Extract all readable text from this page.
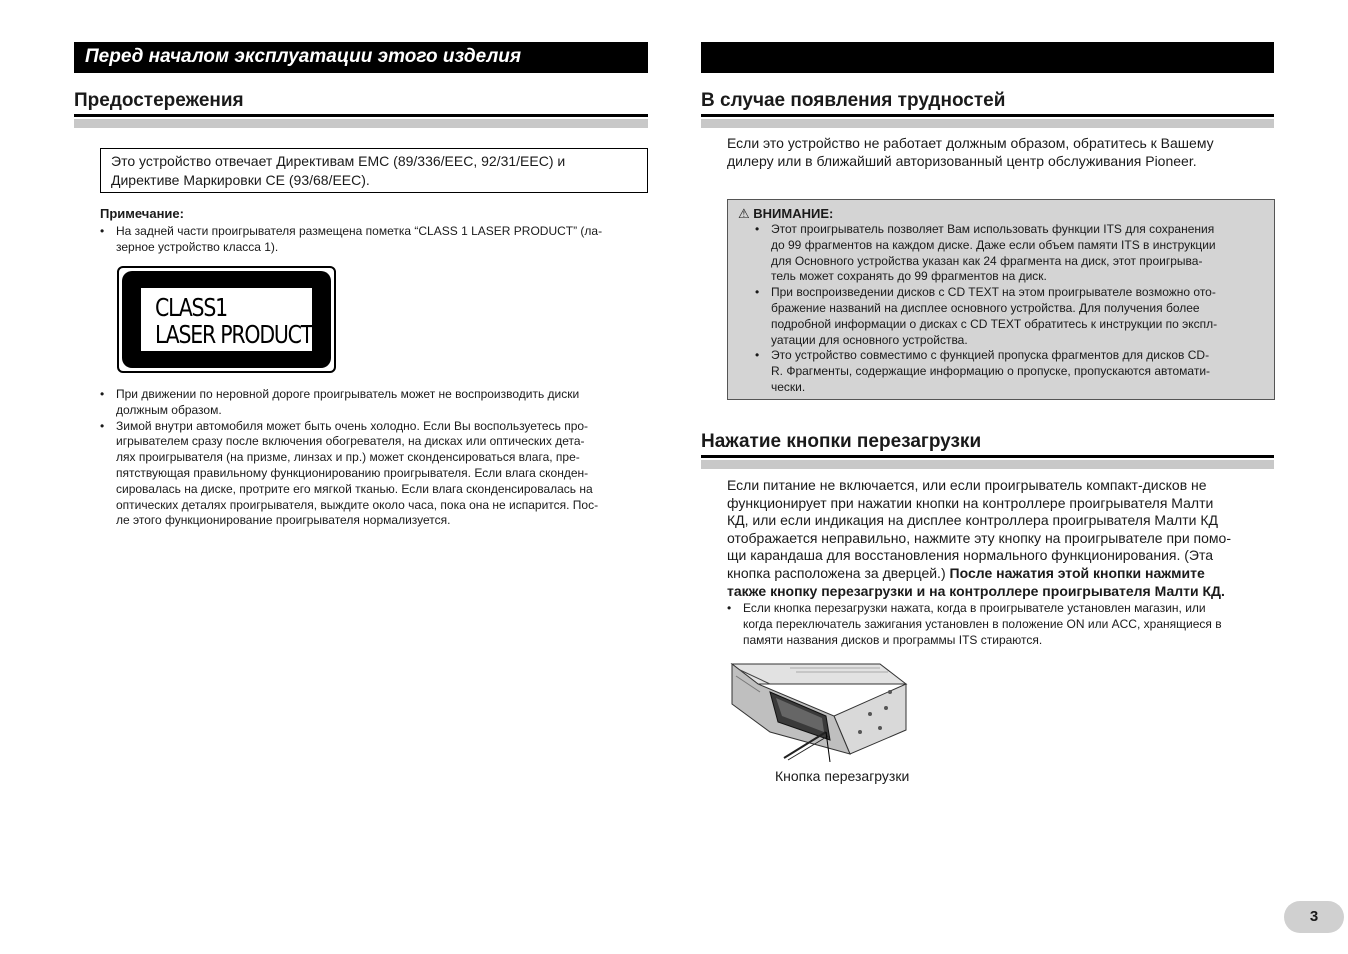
Перед началом эксплуатации этого изделия
Предостережения
Это устройство отвечает Директивам EMC (89/336/EEC, 92/31/EEC) и
Директиве Маркировки CE (93/68/EEC).
Примечание:
• На задней части проигрывателя размещена пометка “CLASS 1 LASER PRODUCT” (ла-
зерное устройство класса 1).
CLASS1
LASER PRODUCT
• При движении по неровной дороге проигрыватель может не воспроизводить диски
должным образом.
• Зимой внутри автомобиля может быть очень холодно. Если Вы воспользуетесь про-
игрывателем сразу после включения обогревателя, на дисках или оптических дета-
лях проигрывателя (на призме, линзах и пр.) может сконденсироваться влага, пре-
пятствующая правильному функционированию проигрывателя. Если влага сконден-
сировалась на диске, протрите его мягкой тканью. Если влага сконденсировалась на
оптических деталях проигрывателя, выждите около часа, пока она не испарится. Пос-
ле этого функционирование проигрывателя нормализуется.
В случае появления трудностей
Если это устройство не работает должным образом, обратитесь к Вашему
дилеру или в ближайший авторизованный центр обслуживания Pioneer.
⚠ ВНИМАНИЕ:
• Этот проигрыватель позволяет Вам использовать функции ITS для сохранения
до 99 фрагментов на каждом диске. Даже если объем памяти ITS в инструкции
для Основного устройства указан как 24 фрагмента на диск, этот проигрыва-
тель может сохранять до 99 фрагментов на диск.
• При воспроизведении дисков с CD TEXT на этом проигрывателе возможно ото-
бражение названий на дисплее основного устройства. Для получения более
подробной информации о дисках с CD TEXT обратитесь к инструкции по экспл-
уатации для основного устройства.
• Это устройство совместимо с функцией пропуска фрагментов для дисков CD-
R. Фрагменты, содержащие информацию о пропуске, пропускаются автомати-
чески.
Нажатие кнопки перезагрузки
Если питание не включается, или если проигрыватель компакт-дисков не
функционирует при нажатии кнопки на контроллере проигрывателя Малти
КД, или если индикация на дисплее контроллера проигрывателя Малти КД
отображается неправильно, нажмите эту кнопку на проигрывателе при помо-
щи карандаша для восстановления нормального функционирования. (Эта
кнопка расположена за дверцей.) После нажатия этой кнопки нажмите
также кнопку перезагрузки и на контроллере проигрывателя Малти КД.
• Если кнопка перезагрузки нажата, когда в проигрывателе установлен магазин, или
когда переключатель зажигания установлен в положение ON или ACC, хранящиеся в
памяти названия дисков и программы ITS стираются.
Кнопка перезагрузки
3
